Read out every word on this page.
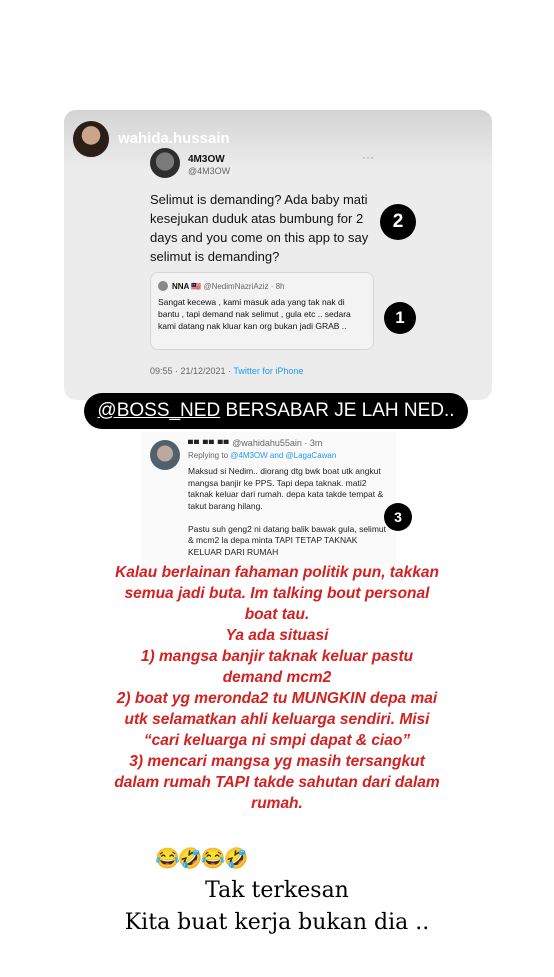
wahida.hussain
4M3OW
@4M3OW
···
Selimut is demanding? Ada baby mati kesejukan duduk atas bumbung for 2 days and you come on this app to say selimut is demanding?
NNA 🇲🇾 @NedimNazriAziz · 8h
Sangat kecewa , kami masuk ada yang tak nak di bantu , tapi demand nak selimut , gula etc .. sedara kami datang nak kluar kan org bukan jadi GRAB ..
09:55 · 21/12/2021 · Twitter for iPhone
2
1
@BOSS_NED BERSABAR JE LAH NED..
▀▀ ▀▀ ▀▀ @wahidahu55ain · 3m
Replying to @4M3OW and @LagaCawan
Maksud si Nedim.. diorang dtg bwk boat utk angkut mangsa banjir ke PPS. Tapi depa taknak. mati2 taknak keluar dari rumah. depa kata takde tempat & takut barang hilang.

Pastu suh geng2 ni datang balik bawak gula, selimut & mcm2 la depa minta TAPI TETAP TAKNAK KELUAR DARI RUMAH
3
Kalau berlainan fahaman politik pun, takkan
semua jadi buta. Im talking bout personal
boat tau.
Ya ada situasi
1) mangsa banjir taknak keluar pastu
demand mcm2
2) boat yg meronda2 tu MUNGKIN depa mai
utk selamatkan ahli keluarga sendiri. Misi
“cari keluarga ni smpi dapat & ciao”
3) mencari mangsa yg masih tersangkut
dalam rumah TAPI takde sahutan dari dalam
rumah.
😂🤣😂🤣
Tak terkesan
Kita buat kerja bukan dia ..
